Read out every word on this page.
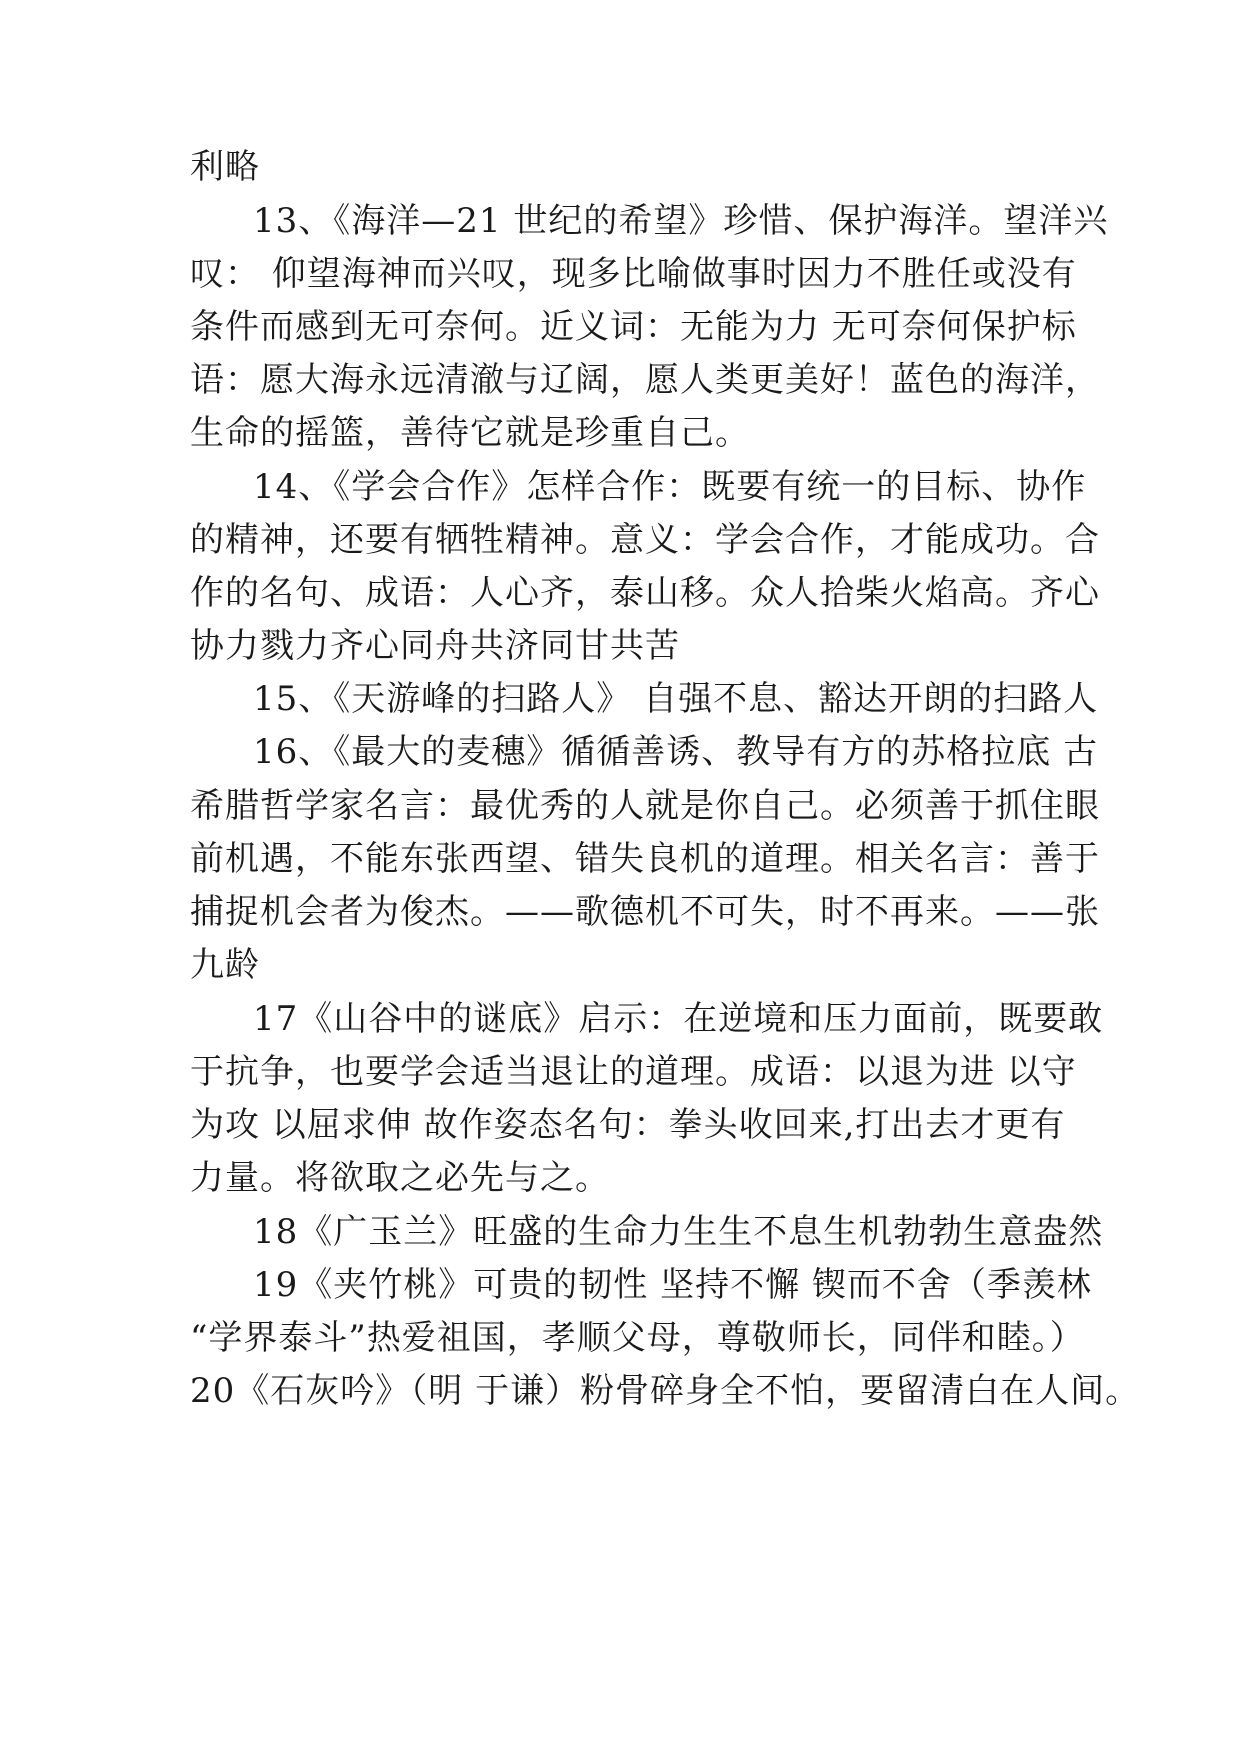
利略
13、《海洋—21 世纪的希望》珍惜、保护海洋。望洋兴
叹： 仰望海神而兴叹，现多比喻做事时因力不胜任或没有
条件而感到无可奈何。近义词：无能为力 无可奈何保护标
语：愿大海永远清澈与辽阔，愿人类更美好！蓝色的海洋，
生命的摇篮，善待它就是珍重自己。
14、《学会合作》怎样合作：既要有统一的目标、协作
的精神，还要有牺牲精神。意义：学会合作，才能成功。合
作的名句、成语：人心齐，泰山移。众人拾柴火焰高。齐心
协力戮力齐心同舟共济同甘共苦
15、《天游峰的扫路人》 自强不息、豁达开朗的扫路人
16、《最大的麦穗》循循善诱、教导有方的苏格拉底 古
希腊哲学家名言：最优秀的人就是你自己。必须善于抓住眼
前机遇，不能东张西望、错失良机的道理。相关名言：善于
捕捉机会者为俊杰。——歌德机不可失，时不再来。——张
九龄
17《山谷中的谜底》启示：在逆境和压力面前，既要敢
于抗争，也要学会适当退让的道理。成语：以退为进 以守
为攻 以屈求伸 故作姿态名句：拳头收回来,打出去才更有
力量。将欲取之必先与之。
18《广玉兰》旺盛的生命力生生不息生机勃勃生意盎然
19《夹竹桃》可贵的韧性 坚持不懈 锲而不舍（季羡林
“学界泰斗”热爱祖国，孝顺父母，尊敬师长，同伴和睦。）
20《石灰吟》（明 于谦）粉骨碎身全不怕，要留清白在人间。
